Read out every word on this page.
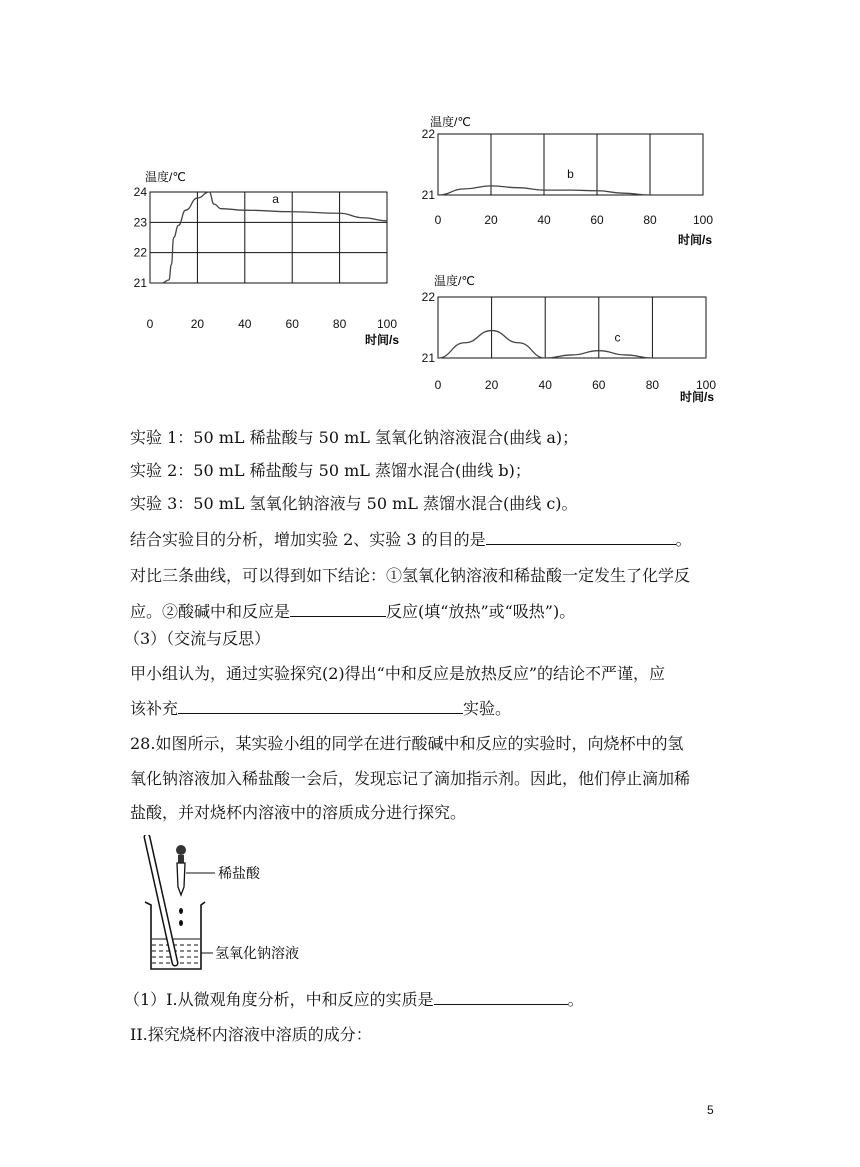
21
22
23
24
0	20	40	60	80	100
温度/℃
时间/s
a	21
22
0	20	40	60	80	100
温度/℃
时间/s
b
21
22
0	20	40	60	80	100
温度/℃
时间/s
c
实验 1：50 mL 稀盐酸与 50 mL 氢氧化钠溶液混合(曲线 a)；
实验 2：50 mL 稀盐酸与 50 mL 蒸馏水混合(曲线 b)；
实验 3：50 mL 氢氧化钠溶液与 50 mL 蒸馏水混合(曲线 c)。
结合实验目的分析，增加实验 2、实验 3 的目的是	。
对比三条曲线，可以得到如下结论：①氢氧化钠溶液和稀盐酸一定发生了化学反
应。②酸碱中和反应是	反应(填“放热”或“吸热”)。
（3）（交流与反思）
甲小组认为，通过实验探究(2)得出“中和反应是放热反应”的结论不严谨，应
该补充	实验。
28.如图所示，某实验小组的同学在进行酸碱中和反应的实验时，向烧杯中的氢
氧化钠溶液加入稀盐酸一会后，发现忘记了滴加指示剂。因此，他们停止滴加稀
盐酸，并对烧杯内溶液中的溶质成分进行探究。
稀盐酸
氢氧化钠溶液
（1）I.从微观角度分析，中和反应的实质是	。
II.探究烧杯内溶液中溶质的成分：
5
